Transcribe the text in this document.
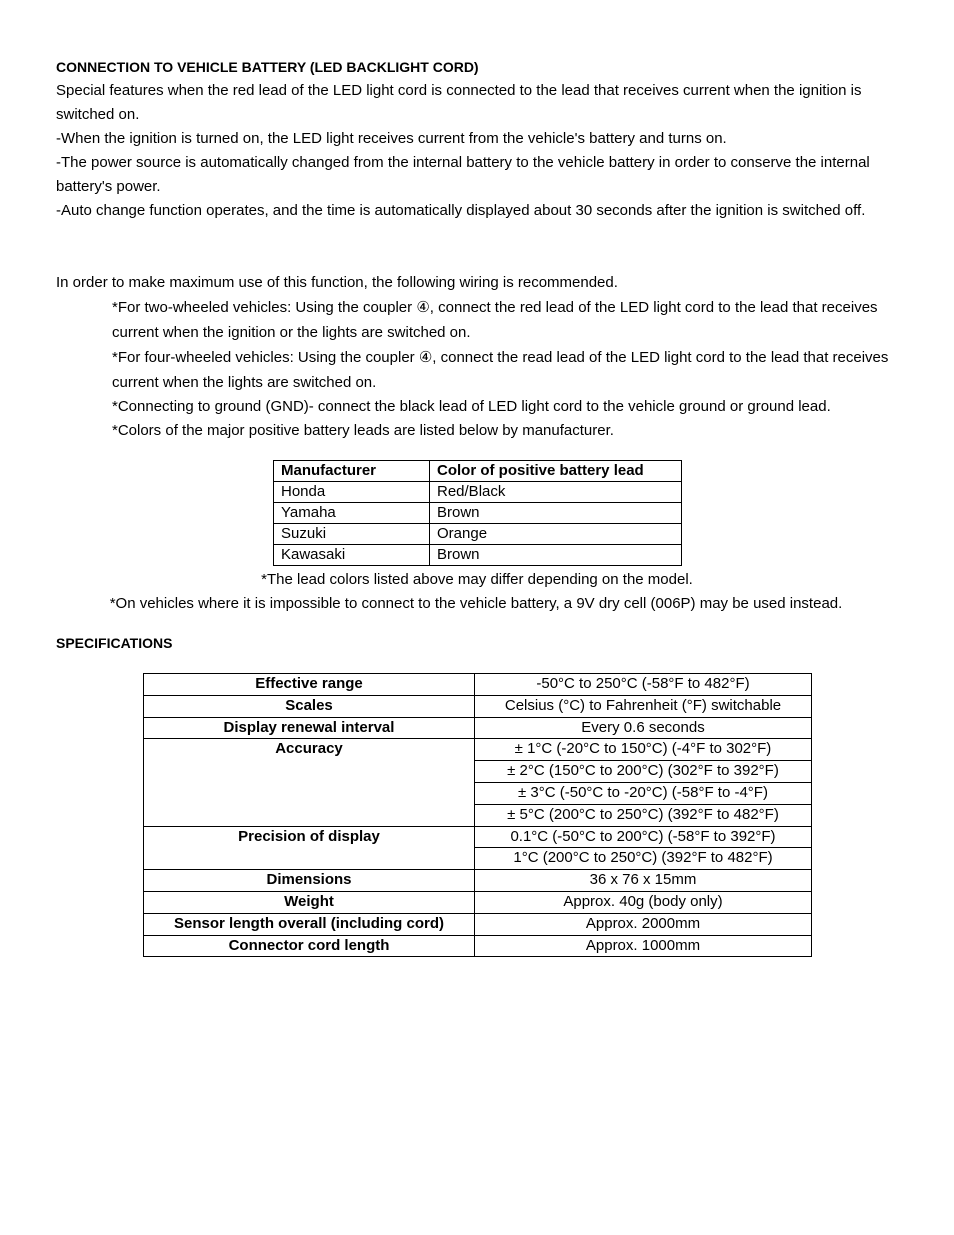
CONNECTION TO VEHICLE BATTERY (LED BACKLIGHT CORD)
Special features when the red lead of the LED light cord is connected to the lead that receives current when the ignition is switched on.
-When the ignition is turned on, the LED light receives current from the vehicle's battery and turns on.
-The power source is automatically changed from the internal battery to the vehicle battery in order to conserve the internal battery's power.
-Auto change function operates, and the time is automatically displayed about 30 seconds after the ignition is switched off.
In order to make maximum use of this function, the following wiring is recommended.
*For two-wheeled vehicles: Using the coupler ④, connect the red lead of the LED light cord to the lead that receives current when the ignition or the lights are switched on.
*For four-wheeled vehicles: Using the coupler ④, connect the read lead of the LED light cord to the lead that receives current when the lights are switched on.
*Connecting to ground (GND)- connect the black lead of LED light cord to the vehicle ground or ground lead.
*Colors of the major positive battery leads are listed below by manufacturer.
Manufacturer	Color of positive battery lead
Honda	Red/Black
Yamaha	Brown
Suzuki	Orange
Kawasaki	Brown
*The lead colors listed above may differ depending on the model.
*On vehicles where it is impossible to connect to the vehicle battery, a 9V dry cell (006P) may be used instead.
SPECIFICATIONS
Effective range	-50°C to 250°C (-58°F to 482°F)
Scales	Celsius (°C) to Fahrenheit (°F) switchable
Display renewal interval	Every 0.6 seconds
Accuracy	± 1°C (-20°C to 150°C) (-4°F to 302°F)
	± 2°C (150°C to 200°C) (302°F to 392°F)
	± 3°C (-50°C to -20°C) (-58°F to -4°F)
	± 5°C (200°C to 250°C) (392°F to 482°F)
Precision of display	0.1°C (-50°C to 200°C) (-58°F to 392°F)
	1°C (200°C to 250°C) (392°F to 482°F)
Dimensions	36 x 76 x 15mm
Weight	Approx. 40g (body only)
Sensor length overall (including cord)	Approx. 2000mm
Connector cord length	Approx. 1000mm
